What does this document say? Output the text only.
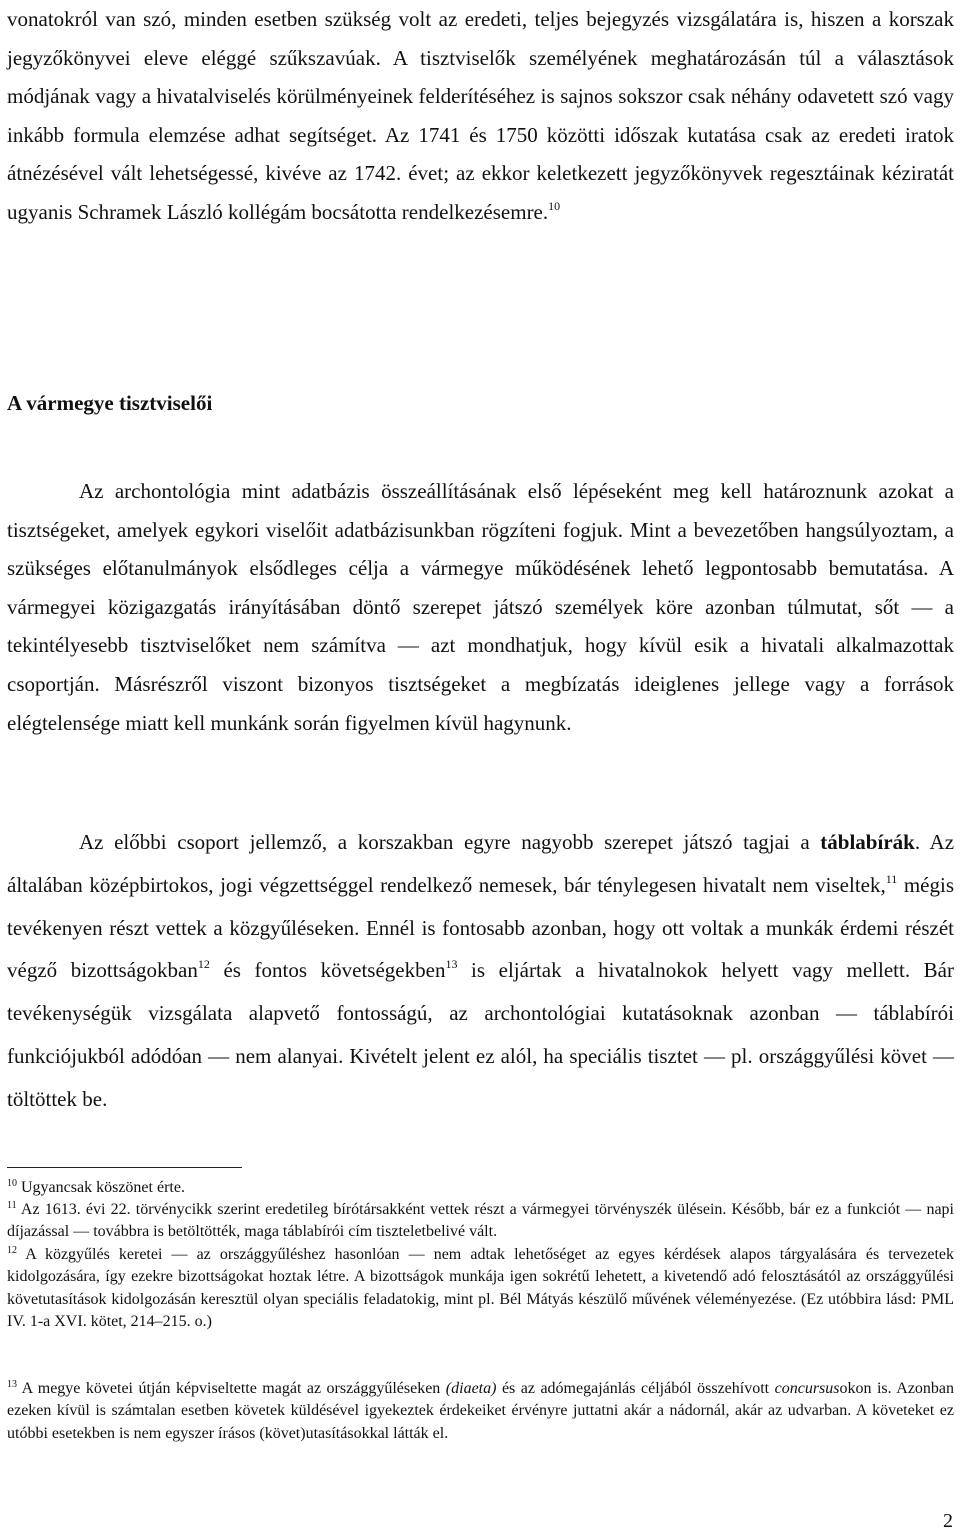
vonatokról van szó, minden esetben szükség volt az eredeti, teljes bejegyzés vizsgálatára is, hiszen a korszak jegyzőkönyvei eleve eléggé szűkszavúak. A tisztviselők személyének meghatározásán túl a választások módjának vagy a hivatalviselés körülményeinek felderítéséhez is sajnos sokszor csak néhány odavetett szó vagy inkább formula elemzése adhat segítséget. Az 1741 és 1750 közötti időszak kutatása csak az eredeti iratok átnézésével vált lehetségessé, kivéve az 1742. évet; az ekkor keletkezett jegyzőkönyvek regesztáinak kéziratát ugyanis Schramek László kollégám bocsátotta rendelkezésemre.$^{10}$
A vármegye tisztviselői
Az archontológia mint adatbázis összeállításának első lépéseként meg kell határoznunk azokat a tisztségeket, amelyek egykori viselőit adatbázisunkban rögzíteni fogjuk. Mint a bevezetőben hangsúlyoztam, a szükséges előtanulmányok elsődleges célja a vármegye működésének lehető legpontosabb bemutatása. A vármegyei közigazgatás irányításában döntő szerepet játszó személyek köre azonban túlmutat, sőt — a tekintélyesebb tisztviselőket nem számítva — azt mondhatjuk, hogy kívül esik a hivatali alkalmazottak csoportján. Másrészről viszont bizonyos tisztségeket a megbízatás ideiglenes jellege vagy a források elégtelensége miatt kell munkánk során figyelmen kívül hagynunk.
Az előbbi csoport jellemző, a korszakban egyre nagyobb szerepet játszó tagjai a táblabírák. Az általában középbirtokos, jogi végzettséggel rendelkező nemesek, bár ténylegesen hivatalt nem viseltek,$^{11}$ mégis tevékenyen részt vettek a közgyűléseken. Ennél is fontosabb azonban, hogy ott voltak a munkák érdemi részét végző bizottságokban$^{12}$ és fontos követségekben$^{13}$ is eljártak a hivatalnokok helyett vagy mellett. Bár tevékenységük vizsgálata alapvető fontosságú, az archontológiai kutatásoknak azonban — táblabírói funkciójukból adódóan — nem alanyai. Kivételt jelent ez alól, ha speciális tisztet — pl. országgyűlési követ — töltöttek be.
$^{10}$ Ugyancsak köszönet érte.
$^{11}$ Az 1613. évi 22. törvénycikk szerint eredetileg bírótársakként vettek részt a vármegyei törvényszék ülésein. Később, bár ez a funkciót — napi díjazással — továbbra is betöltötték, maga táblabírói cím tiszteletbelivé vált.
$^{12}$ A közgyűlés keretei — az országgyűléshez hasonlóan — nem adtak lehetőséget az egyes kérdések alapos tárgyalására és tervezetek kidolgozására, így ezekre bizottságokat hoztak létre. A bizottságok munkája igen sokrétű lehetett, a kivetendő adó felosztásától az országgyűlési követutasítások kidolgozásán keresztül olyan speciális feladatokig, mint pl. Bél Mátyás készülő művének véleményezése. (Ez utóbbira lásd: PML IV. 1-a XVI. kötet, 214–215. o.)
$^{13}$ A megye követei útján képviseltette magát az országgyűléseken (diaeta) és az adómegajánlás céljából összehívott concursusokon is. Azonban ezeken kívül is számtalan esetben követek küldésével igyekeztek érdekeiket érvényre juttatni akár a nádornál, akár az udvarban. A követeket ez utóbbi esetekben is nem egyszer írásos (követ)utasításokkal látták el.
2
